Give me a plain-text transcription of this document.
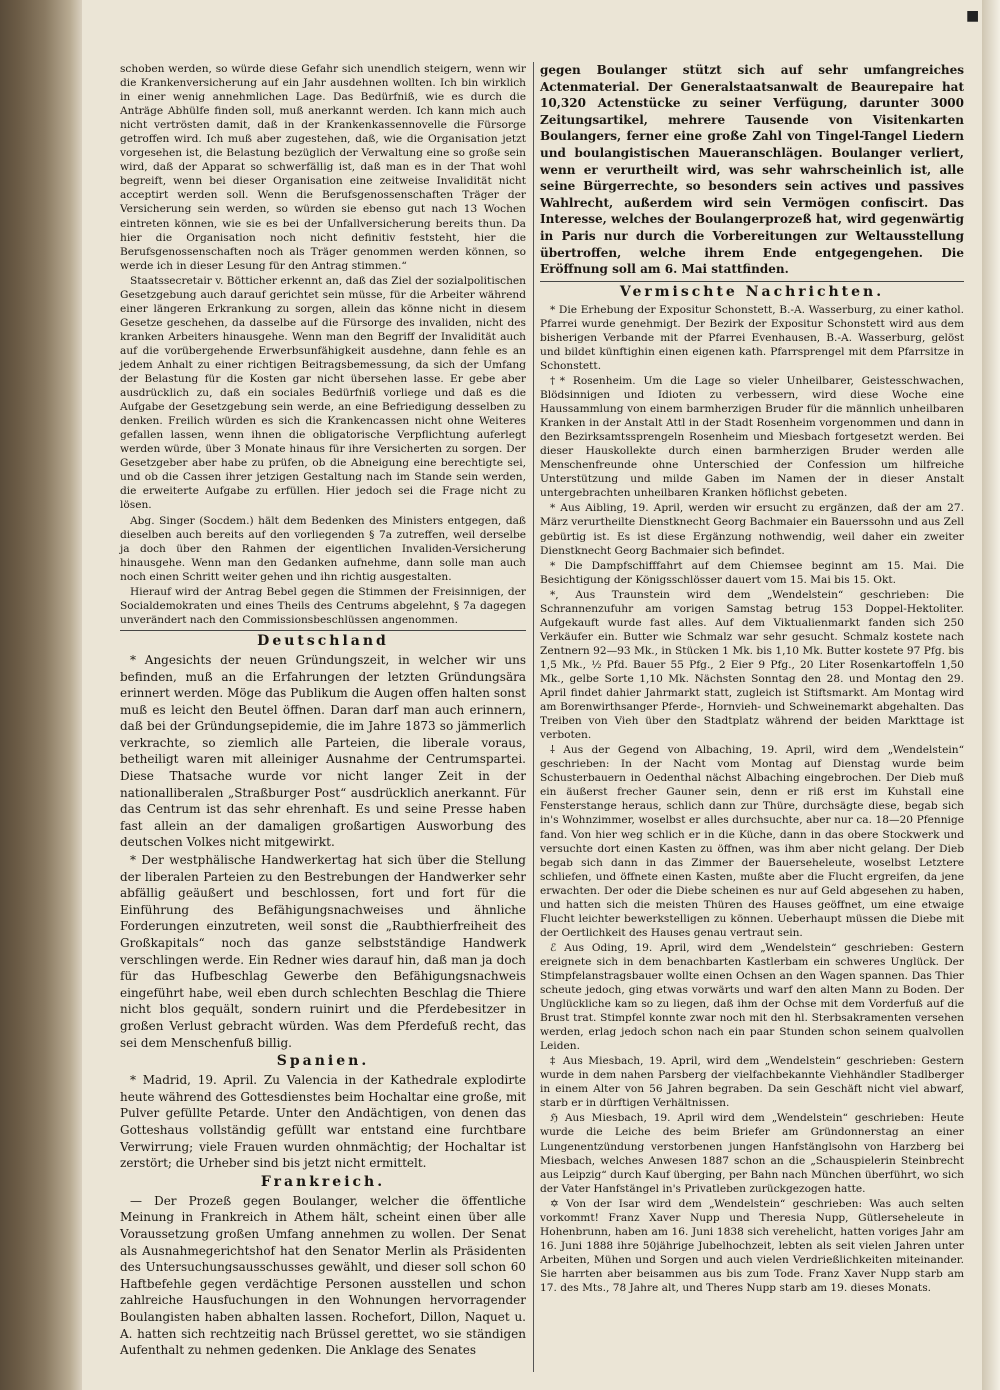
■

schoben werden, so würde diese Gefahr sich unendlich steigern, wenn wir die Krankenversicherung auf ein Jahr ausdehnen wollten. Ich bin wirklich in einer wenig annehmlichen Lage. Das Bedürfniß, wie es durch die Anträge Abhülfe finden soll, muß anerkannt werden. Ich kann mich auch nicht vertrösten damit, daß in der Krankenkassennovelle die Fürsorge getroffen wird. Ich muß aber zugestehen, daß, wie die Organisation jetzt vorgesehen ist, die Belastung bezüglich der Verwaltung eine so große sein wird, daß der Apparat so schwerfällig ist, daß man es in der That wohl begreift, wenn bei dieser Organisation eine zeitweise Invalidität nicht acceptirt werden soll. Wenn die Berufsgenossenschaften Träger der Versicherung sein werden, so würden sie ebenso gut nach 13 Wochen eintreten können, wie sie es bei der Unfallversicherung bereits thun. Da hier die Organisation noch nicht definitiv feststeht, hier die Berufsgenossenschaften noch als Träger genommen werden können, so werde ich in dieser Lesung für den Antrag stimmen.“

Staatssecretair v. Bötticher erkennt an, daß das Ziel der sozialpolitischen Gesetzgebung auch darauf gerichtet sein müsse, für die Arbeiter während einer längeren Erkrankung zu sorgen, allein das könne nicht in diesem Gesetze geschehen, da dasselbe auf die Fürsorge des invaliden, nicht des kranken Arbeiters hinausgehe. Wenn man den Begriff der Invalidität auch auf die vorübergehende Erwerbsunfähigkeit ausdehne, dann fehle es an jedem Anhalt zu einer richtigen Beitragsbemessung, da sich der Umfang der Belastung für die Kosten gar nicht übersehen lasse. Er gebe aber ausdrücklich zu, daß ein sociales Bedürfniß vorliege und daß es die Aufgabe der Gesetzgebung sein werde, an eine Befriedigung desselben zu denken. Freilich würden es sich die Krankencassen nicht ohne Weiteres gefallen lassen, wenn ihnen die obligatorische Verpflichtung auferlegt werden würde, über 3 Monate hinaus für ihre Versicherten zu sorgen. Der Gesetzgeber aber habe zu prüfen, ob die Abneigung eine berechtigte sei, und ob die Cassen ihrer jetzigen Gestaltung nach im Stande sein werden, die erweiterte Aufgabe zu erfüllen. Hier jedoch sei die Frage nicht zu lösen.

Abg. Singer (Socdem.) hält dem Bedenken des Ministers entgegen, daß dieselben auch bereits auf den vorliegenden § 7a zutreffen, weil derselbe ja doch über den Rahmen der eigentlichen Invaliden-Versicherung hinausgehe. Wenn man den Gedanken aufnehme, dann solle man auch noch einen Schritt weiter gehen und ihn richtig ausgestalten.

Hierauf wird der Antrag Bebel gegen die Stimmen der Freisinnigen, der Socialdemokraten und eines Theils des Centrums abgelehnt, § 7a dagegen unverändert nach den Commissionsbeschlüssen angenommen.

Deutschland

* Angesichts der neuen Gründungszeit, in welcher wir uns befinden, muß an die Erfahrungen der letzten Gründungsära erinnert werden. Möge das Publikum die Augen offen halten sonst muß es leicht den Beutel öffnen. Daran darf man auch erinnern, daß bei der Gründungsepidemie, die im Jahre 1873 so jämmerlich verkrachte, so ziemlich alle Parteien, die liberale voraus, betheiligt waren mit alleiniger Ausnahme der Centrumspartei. Diese Thatsache wurde vor nicht langer Zeit in der nationalliberalen „Straßburger Post“ ausdrücklich anerkannt. Für das Centrum ist das sehr ehrenhaft. Es und seine Presse haben fast allein an der damaligen großartigen Ausworbung des deutschen Volkes nicht mitgewirkt.

* Der westphälische Handwerkertag hat sich über die Stellung der liberalen Parteien zu den Bestrebungen der Handwerker sehr abfällig geäußert und beschlossen, fort und fort für die Einführung des Befähigungsnachweises und ähnliche Forderungen einzutreten, weil sonst die „Raubthierfreiheit des Großkapitals“ noch das ganze selbstständige Handwerk verschlingen werde. Ein Redner wies darauf hin, daß man ja doch für das Hufbeschlag Gewerbe den Befähigungsnachweis eingeführt habe, weil eben durch schlechten Beschlag die Thiere nicht blos gequält, sondern ruinirt und die Pferdebesitzer in großen Verlust gebracht würden. Was dem Pferdefuß recht, das sei dem Menschenfuß billig.

Spanien.

* Madrid, 19. April. Zu Valencia in der Kathedrale explodirte heute während des Gottesdienstes beim Hochaltar eine große, mit Pulver gefüllte Petarde. Unter den Andächtigen, von denen das Gotteshaus vollständig gefüllt war entstand eine furchtbare Verwirrung; viele Frauen wurden ohnmächtig; der Hochaltar ist zerstört; die Urheber sind bis jetzt nicht ermittelt.

Frankreich.

— Der Prozeß gegen Boulanger, welcher die öffentliche Meinung in Frankreich in Athem hält, scheint einen über alle Voraussetzung großen Umfang annehmen zu wollen. Der Senat als Ausnahmegerichtshof hat den Senator Merlin als Präsidenten des Untersuchungsausschusses gewählt, und dieser soll schon 60 Haftbefehle gegen verdächtige Personen ausstellen und schon zahlreiche Hausfuchungen in den Wohnungen hervorragender Boulangisten haben abhalten lassen. Rochefort, Dillon, Naquet u. A. hatten sich rechtzeitig nach Brüssel gerettet, wo sie ständigen Aufenthalt zu nehmen gedenken. Die Anklage des Senates

gegen Boulanger stützt sich auf sehr umfangreiches Actenmaterial. Der Generalstaatsanwalt de Beaurepaire hat 10,320 Actenstücke zu seiner Verfügung, darunter 3000 Zeitungsartikel, mehrere Tausende von Visitenkarten Boulangers, ferner eine große Zahl von Tingel-Tangel Liedern und boulangistischen Maueranschlägen. Boulanger verliert, wenn er verurtheilt wird, was sehr wahrscheinlich ist, alle seine Bürgerrechte, so besonders sein actives und passives Wahlrecht, außerdem wird sein Vermögen confiscirt. Das Interesse, welches der Boulangerprozeß hat, wird gegenwärtig in Paris nur durch die Vorbereitungen zur Weltausstellung übertroffen, welche ihrem Ende entgegengehen. Die Eröffnung soll am 6. Mai stattfinden.

Vermischte Nachrichten.

* Die Erhebung der Expositur Schonstett, B.-A. Wasserburg, zu einer kathol. Pfarrei wurde genehmigt. Der Bezirk der Expositur Schonstett wird aus dem bisherigen Verbande mit der Pfarrei Evenhausen, B.-A. Wasserburg, gelöst und bildet künftighin einen eigenen kath. Pfarrsprengel mit dem Pfarrsitze in Schonstett.

†* Rosenheim. Um die Lage so vieler Unheilbarer, Geistesschwachen, Blödsinnigen und Idioten zu verbessern, wird diese Woche eine Haussammlung von einem barmherzigen Bruder für die männlich unheilbaren Kranken in der Anstalt Attl in der Stadt Rosenheim vorgenommen und dann in den Bezirksamtssprengeln Rosenheim und Miesbach fortgesetzt werden. Bei dieser Hauskollekte durch einen barmherzigen Bruder werden alle Menschenfreunde ohne Unterschied der Confession um hilfreiche Unterstützung und milde Gaben im Namen der in dieser Anstalt untergebrachten unheilbaren Kranken höflichst gebeten.

* Aus Aibling, 19. April, werden wir ersucht zu ergänzen, daß der am 27. März verurtheilte Dienstknecht Georg Bachmaier ein Bauerssohn und aus Zell gebürtig ist. Es ist diese Ergänzung nothwendig, weil daher ein zweiter Dienstknecht Georg Bachmaier sich befindet.

* Die Dampfschifffahrt auf dem Chiemsee beginnt am 15. Mai. Die Besichtigung der Königsschlösser dauert vom 15. Mai bis 15. Okt.

*, Aus Traunstein wird dem „Wendelstein“ geschrieben: Die Schrannenzufuhr am vorigen Samstag betrug 153 Doppel-Hektoliter. Aufgekauft wurde fast alles. Auf dem Viktualienmarkt fanden sich 250 Verkäufer ein. Butter wie Schmalz war sehr gesucht. Schmalz kostete nach Zentnern 92—93 Mk., in Stücken 1 Mk. bis 1,10 Mk. Butter kostete 97 Pfg. bis 1,5 Mk., ½ Pfd. Bauer 55 Pfg., 2 Eier 9 Pfg., 20 Liter Rosenkartoffeln 1,50 Mk., gelbe Sorte 1,10 Mk. Nächsten Sonntag den 28. und Montag den 29. April findet dahier Jahrmarkt statt, zugleich ist Stiftsmarkt. Am Montag wird am Borenwirthsanger Pferde-, Hornvieh- und Schweinemarkt abgehalten. Das Treiben von Vieh über den Stadtplatz während der beiden Markttage ist verboten.

⸸ Aus der Gegend von Albaching, 19. April, wird dem „Wendelstein“ geschrieben: In der Nacht vom Montag auf Dienstag wurde beim Schusterbauern in Oedenthal nächst Albaching eingebrochen. Der Dieb muß ein äußerst frecher Gauner sein, denn er riß erst im Kuhstall eine Fensterstange heraus, schlich dann zur Thüre, durchsägte diese, begab sich in's Wohnzimmer, woselbst er alles durchsuchte, aber nur ca. 18—20 Pfennige fand. Von hier weg schlich er in die Küche, dann in das obere Stockwerk und versuchte dort einen Kasten zu öffnen, was ihm aber nicht gelang. Der Dieb begab sich dann in das Zimmer der Bauerseheleute, woselbst Letztere schliefen, und öffnete einen Kasten, mußte aber die Flucht ergreifen, da jene erwachten. Der oder die Diebe scheinen es nur auf Geld abgesehen zu haben, und hatten sich die meisten Thüren des Hauses geöffnet, um eine etwaige Flucht leichter bewerkstelligen zu können. Ueberhaupt müssen die Diebe mit der Oertlichkeit des Hauses genau vertraut sein.

ℰ Aus Oding, 19. April, wird dem „Wendelstein“ geschrieben: Gestern ereignete sich in dem benachbarten Kastlerbam ein schweres Unglück. Der Stimpfelanstragsbauer wollte einen Ochsen an den Wagen spannen. Das Thier scheute jedoch, ging etwas vorwärts und warf den alten Mann zu Boden. Der Unglückliche kam so zu liegen, daß ihm der Ochse mit dem Vorderfuß auf die Brust trat. Stimpfel konnte zwar noch mit den hl. Sterbsakramenten versehen werden, erlag jedoch schon nach ein paar Stunden schon seinem qualvollen Leiden.

‡ Aus Miesbach, 19. April, wird dem „Wendelstein“ geschrieben: Gestern wurde in dem nahen Parsberg der vielfachbekannte Viehhändler Stadlberger in einem Alter von 56 Jahren begraben. Da sein Geschäft nicht viel abwarf, starb er in dürftigen Verhältnissen.

ℌ Aus Miesbach, 19. April wird dem „Wendelstein“ geschrieben: Heute wurde die Leiche des beim Briefer am Gründonnerstag an einer Lungenentzündung verstorbenen jungen Hanfstänglsohn von Harzberg bei Miesbach, welches Anwesen 1887 schon an die „Schauspielerin Steinbrecht aus Leipzig“ durch Kauf überging, per Bahn nach München überführt, wo sich der Vater Hanfstängel in's Privatleben zurückgezogen hatte.

✡ Von der Isar wird dem „Wendelstein“ geschrieben: Was auch selten vorkommt! Franz Xaver Nupp und Theresia Nupp, Gütlerseheleute in Hohenbrunn, haben am 16. Juni 1838 sich verehelicht, hatten voriges Jahr am 16. Juni 1888 ihre 50jährige Jubelhochzeit, lebten als seit vielen Jahren unter Arbeiten, Mühen und Sorgen und auch vielen Verdrießlichkeiten miteinander. Sie harrten aber beisammen aus bis zum Tode. Franz Xaver Nupp starb am 17. des Mts., 78 Jahre alt, und Theres Nupp starb am 19. dieses Monats.
